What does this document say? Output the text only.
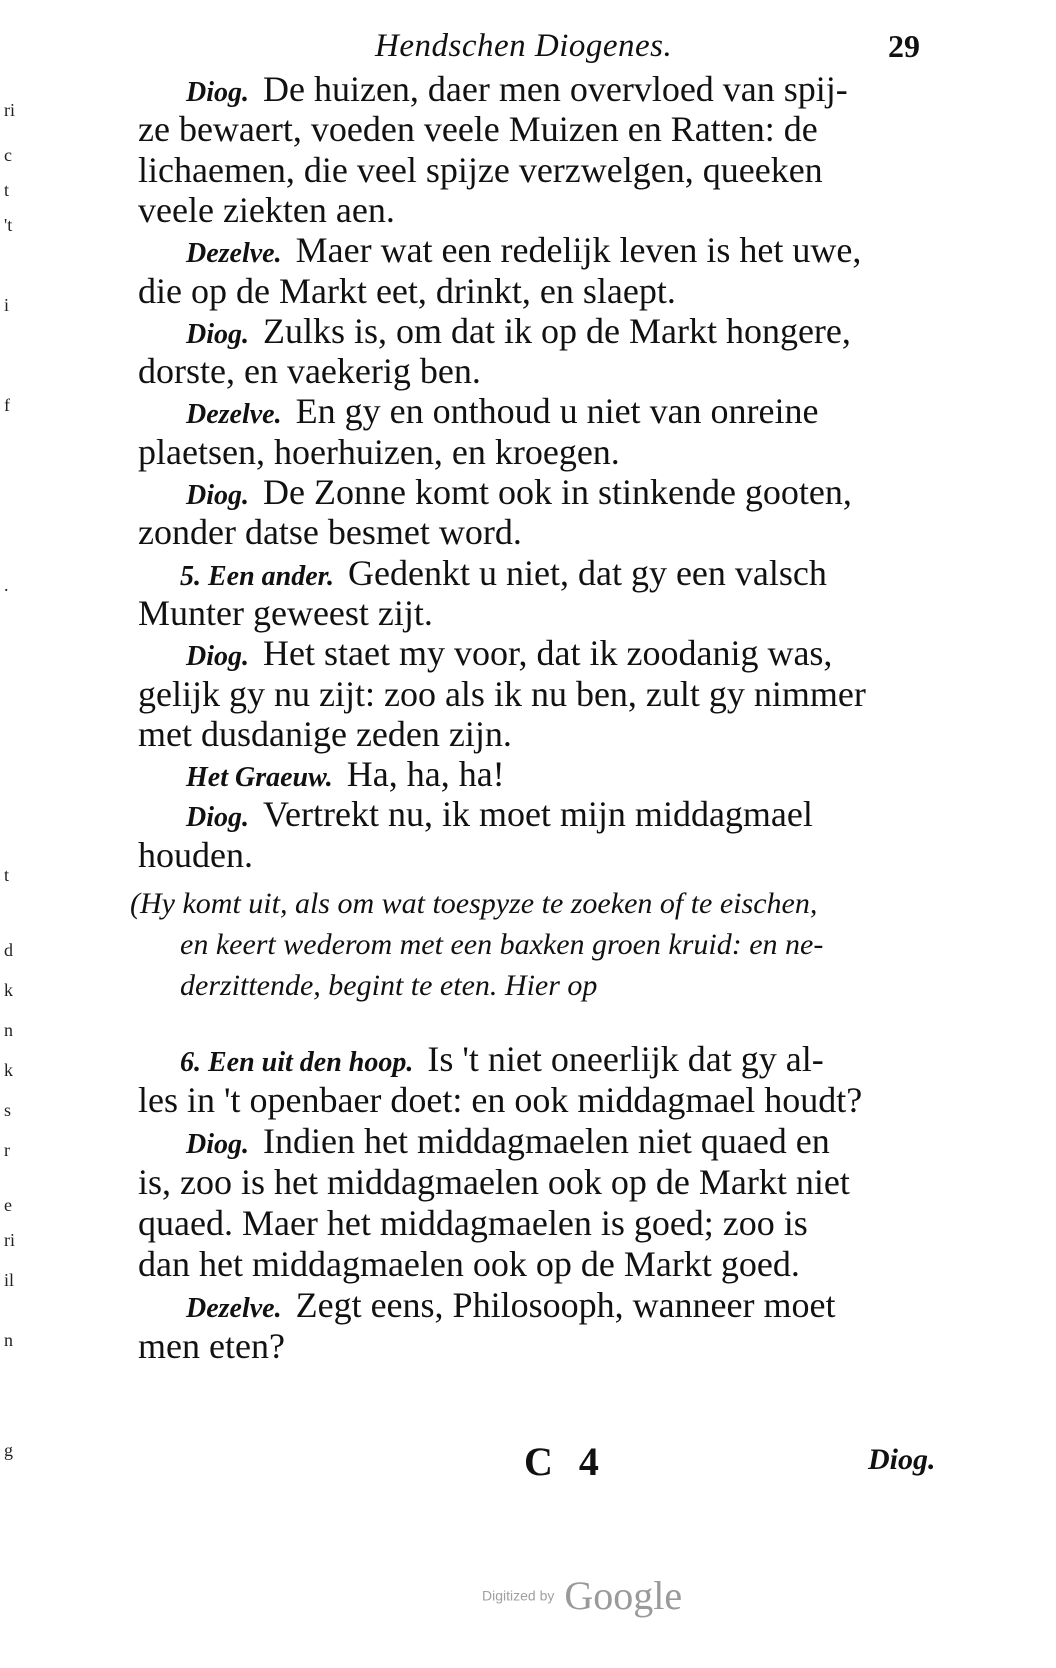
ri
c
t
't
i
f
.
t
d
k
n
k
s
r
e
ri
il
n
g
Hendschen Diogenes.	29
Diog. De huizen, daer men overvloed van spij-
ze bewaert, voeden veele Muizen en Ratten: de
lichaemen, die veel spijze verzwelgen, queeken
veele ziekten aen.
Dezelve. Maer wat een redelijk leven is het uwe,
die op de Markt eet, drinkt, en slaept.
Diog. Zulks is, om dat ik op de Markt hongere,
dorste, en vaekerig ben.
Dezelve. En gy en onthoud u niet van onreine
plaetsen, hoerhuizen, en kroegen.
Diog. De Zonne komt ook in stinkende gooten,
zonder datse besmet word.
5. Een ander. Gedenkt u niet, dat gy een valsch
Munter geweest zijt.
Diog. Het staet my voor, dat ik zoodanig was,
gelijk gy nu zijt: zoo als ik nu ben, zult gy nimmer
met dusdanige zeden zijn.
Het Graeuw. Ha, ha, ha!
Diog. Vertrekt nu, ik moet mijn middagmael
houden.
(Hy komt uit, als om wat toespyze te zoeken of te eischen,
en keert wederom met een baxken groen kruid: en ne-
derzittende, begint te eten. Hier op
6. Een uit den hoop. Is 't niet oneerlijk dat gy al-
les in 't openbaer doet: en ook middagmael houdt?
Diog. Indien het middagmaelen niet quaed en
is, zoo is het middagmaelen ook op de Markt niet
quaed. Maer het middagmaelen is goed; zoo is
dan het middagmaelen ook op de Markt goed.
Dezelve. Zegt eens, Philosooph, wanneer moet
men eten?
C 4	Diog.
Digitized by Google
